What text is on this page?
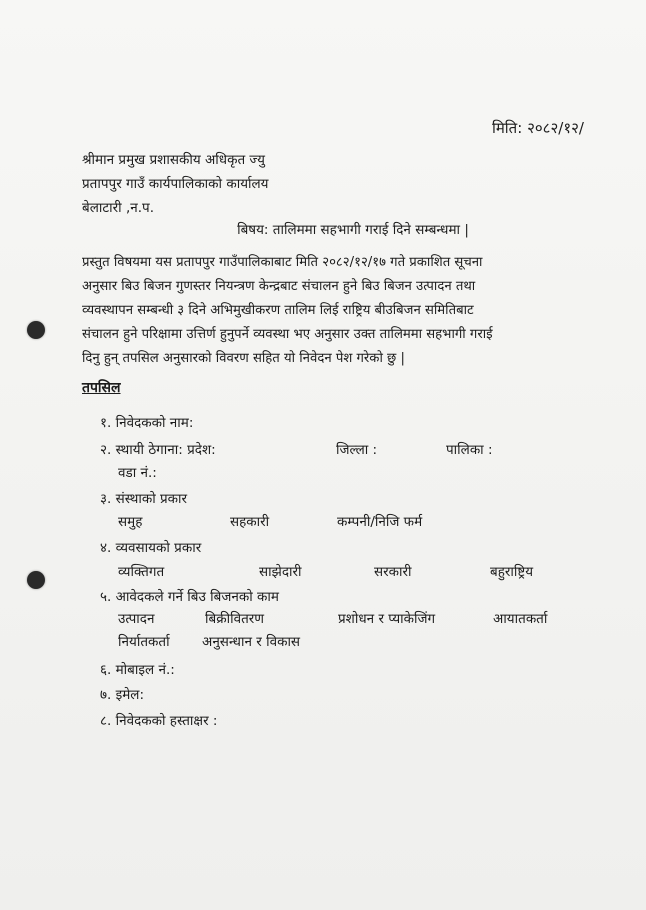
मिति: २०८२/१२/
श्रीमान प्रमुख प्रशासकीय अधिकृत ज्यु
प्रतापपुर गाउँ कार्यपालिकाको कार्यालय
बेलाटारी ,न.प.
बिषय: तालिममा सहभागी गराई दिने सम्बन्धमा |

प्रस्तुत विषयमा यस प्रतापपुर गाउँपालिकाबाट मिति २०८२/१२/१७ गते प्रकाशित सूचना
अनुसार बिउ बिजन गुणस्तर नियन्त्रण केन्द्रबाट संचालन हुने बिउ बिजन उत्पादन तथा
व्यवस्थापन सम्बन्धी ३ दिने अभिमुखीकरण तालिम लिई राष्ट्रिय बीउबिजन समितिबाट
संचालन हुने परिक्षामा उत्तिर्ण हुनुपर्ने व्यवस्था भए अनुसार उक्त तालिममा सहभागी गराई
दिनु हुन् तपसिल अनुसारको विवरण सहित यो निवेदन पेश गरेको छु |

तपसिल
१. निवेदकको नाम:
२. स्थायी ठेगाना: प्रदेश:	जिल्ला :	पालिका :
वडा नं.:
३. संस्थाको प्रकार
समुह	सहकारी	कम्पनी/निजि फर्म
४. व्यवसायको प्रकार
व्यक्तिगत	साझेदारी	सरकारी	बहुराष्ट्रिय
५. आवेदकले गर्ने बिउ बिजनको काम
उत्पादन	बिक्रीवितरण	प्रशोधन र प्याकेजिंग	आयातकर्ता
निर्यातकर्ता अनुसन्धान र विकास
६. मोबाइल नं.:
७. इमेल:
८. निवेदकको हस्ताक्षर :
